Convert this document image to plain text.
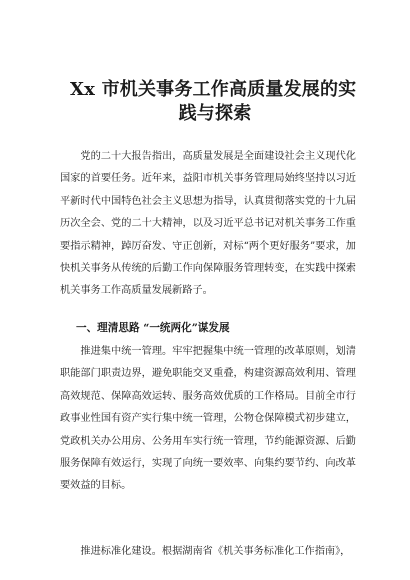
Xx 市机关事务工作高质量发展的实
践与探索

党的二十大报告指出，高质量发展是全面建设社会主义现代化国家的首要任务。近年来，益阳市机关事务管理局始终坚持以习近平新时代中国特色社会主义思想为指导，认真贯彻落实党的十九届历次全会、党的二十大精神，以及习近平总书记对机关事务工作重要指示精神，踔厉奋发、守正创新，对标“两个更好服务”要求，加快机关事务从传统的后勤工作向保障服务管理转变，在实践中探索机关事务工作高质量发展新路子。

一、理清思路 “一统两化”谋发展

推进集中统一管理。牢牢把握集中统一管理的改革原则，划清职能部门职责边界，避免职能交叉重叠，构建资源高效利用、管理高效规范、保障高效运转、服务高效优质的工作格局。目前全市行政事业性国有资产实行集中统一管理，公物仓保障模式初步建立，党政机关办公用房、公务用车实行统一管理，节约能源资源、后勤服务保障有效运行，实现了向统一要效率、向集约要节约、向改革要效益的目标。

推进标准化建设。根据湖南省《机关事务标准化工作指南》，
